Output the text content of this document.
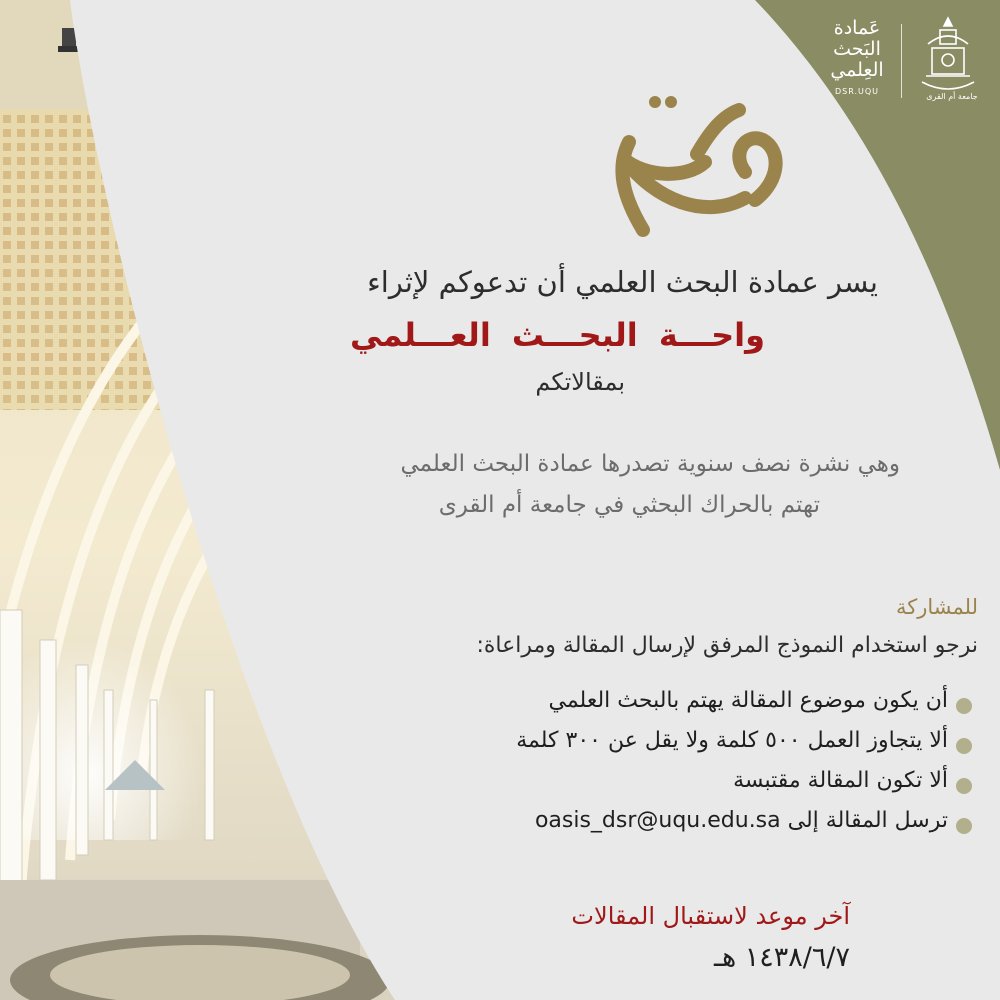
عَمادة
البَحث
العِلمي
DSR.UQU
جامعة أم القرى
يسر عمادة البحث العلمي أن تدعوكم لإثراء
واحـــة البحـــث العـــلمي
بمقالاتكم
وهي نشرة نصف سنوية تصدرها عمادة البحث العلمي
تهتم بالحراك البحثي في جامعة أم القرى
للمشاركة
نرجو استخدام النموذج المرفق لإرسال المقالة ومراعاة:
أن يكون موضوع المقالة يهتم بالبحث العلمي
ألا يتجاوز العمل ٥٠٠ كلمة ولا يقل عن ٣٠٠ كلمة
ألا تكون المقالة مقتبسة
ترسل المقالة إلى oasis_dsr@uqu.edu.sa
آخر موعد لاستقبال المقالات
١٤٣٨/٦/٧ هـ
